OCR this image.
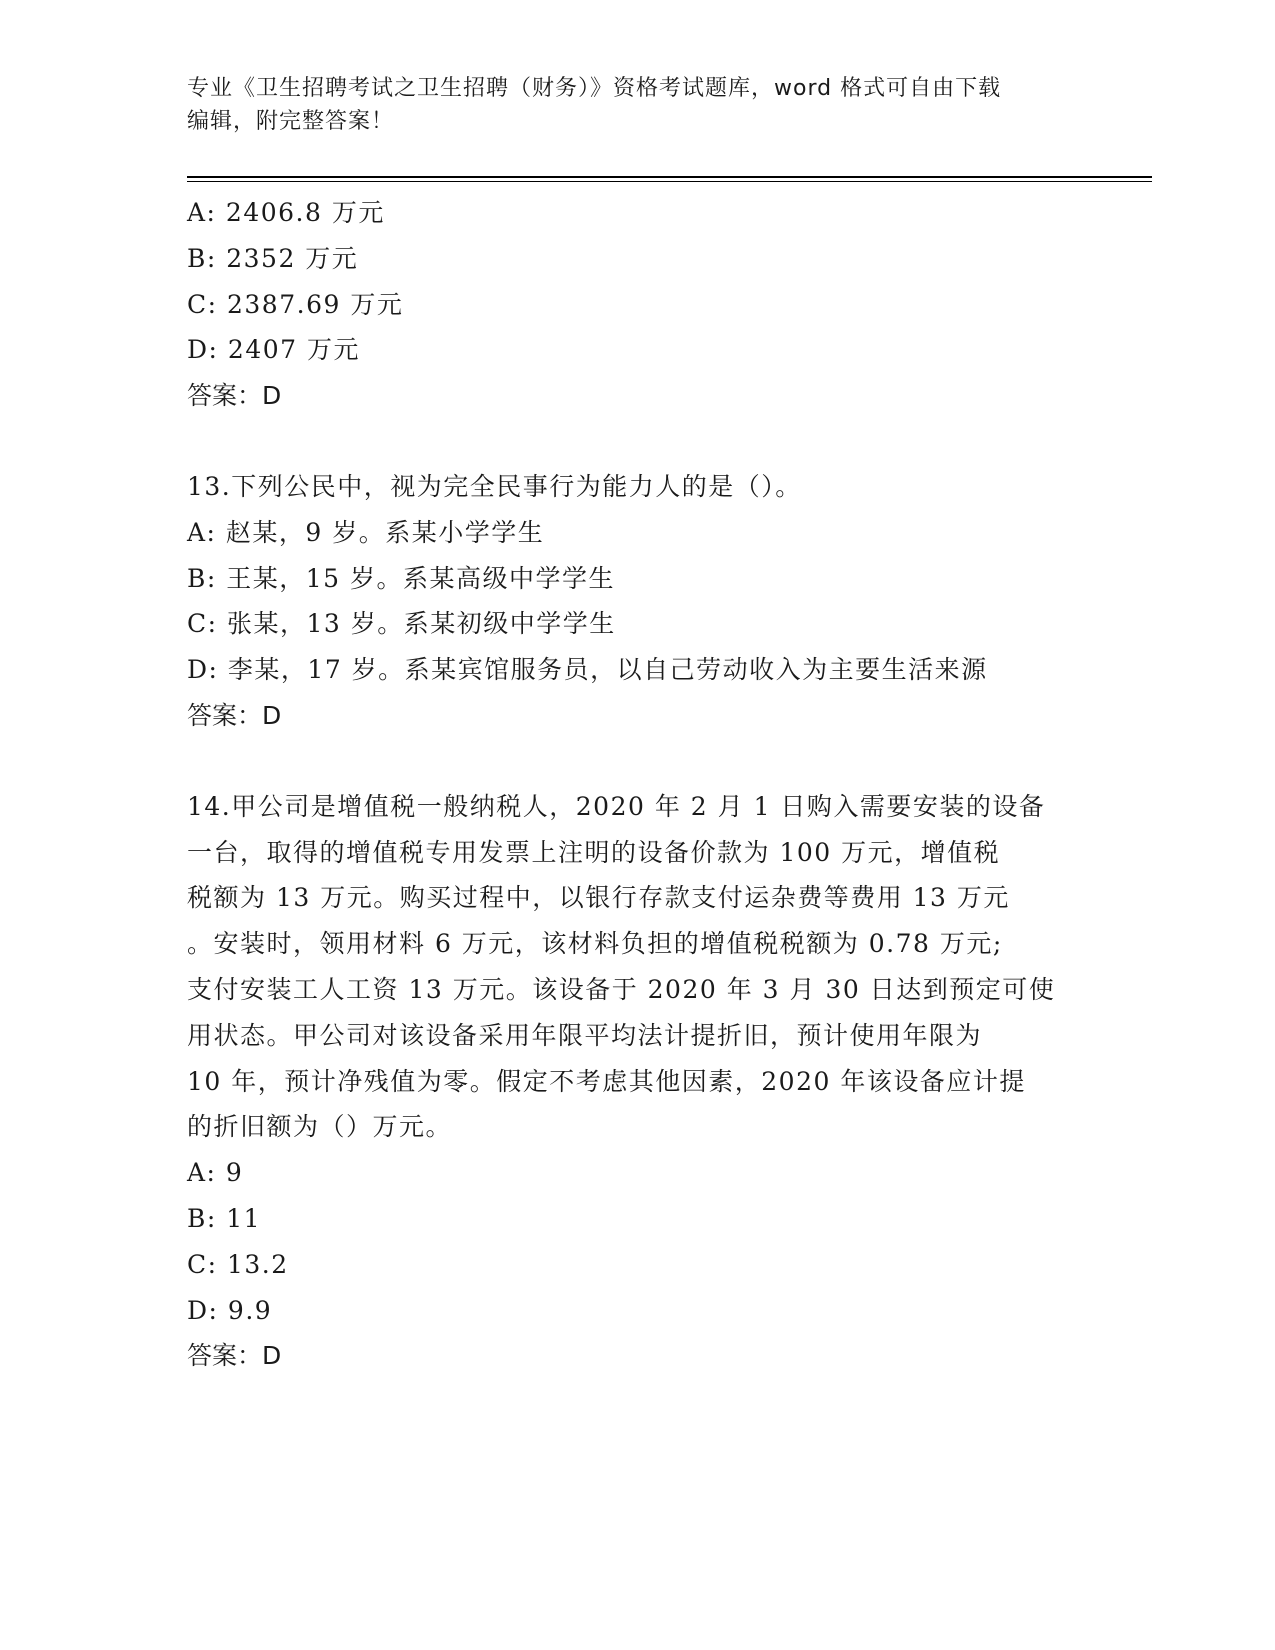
专业《卫生招聘考试之卫生招聘（财务）》资格考试题库，word 格式可自由下载
编辑，附完整答案！
A: 2406.8 万元
B: 2352 万元
C: 2387.69 万元
D: 2407 万元
答案：D
13.下列公民中，视为完全民事行为能力人的是（）。
A: 赵某，9 岁。系某小学学生
B: 王某，15 岁。系某高级中学学生
C: 张某，13 岁。系某初级中学学生
D: 李某，17 岁。系某宾馆服务员，以自己劳动收入为主要生活来源
答案：D
14.甲公司是增值税一般纳税人，2020 年 2 月 1 日购入需要安装的设备
一台，取得的增值税专用发票上注明的设备价款为 100 万元，增值税
税额为 13 万元。购买过程中，以银行存款支付运杂费等费用 13 万元
。安装时，领用材料 6 万元，该材料负担的增值税税额为 0.78 万元;
支付安装工人工资 13 万元。该设备于 2020 年 3 月 30 日达到预定可使
用状态。甲公司对该设备采用年限平均法计提折旧，预计使用年限为
10 年，预计净残值为零。假定不考虑其他因素，2020 年该设备应计提
的折旧额为（）万元。
A: 9
B: 11
C: 13.2
D: 9.9
答案：D
